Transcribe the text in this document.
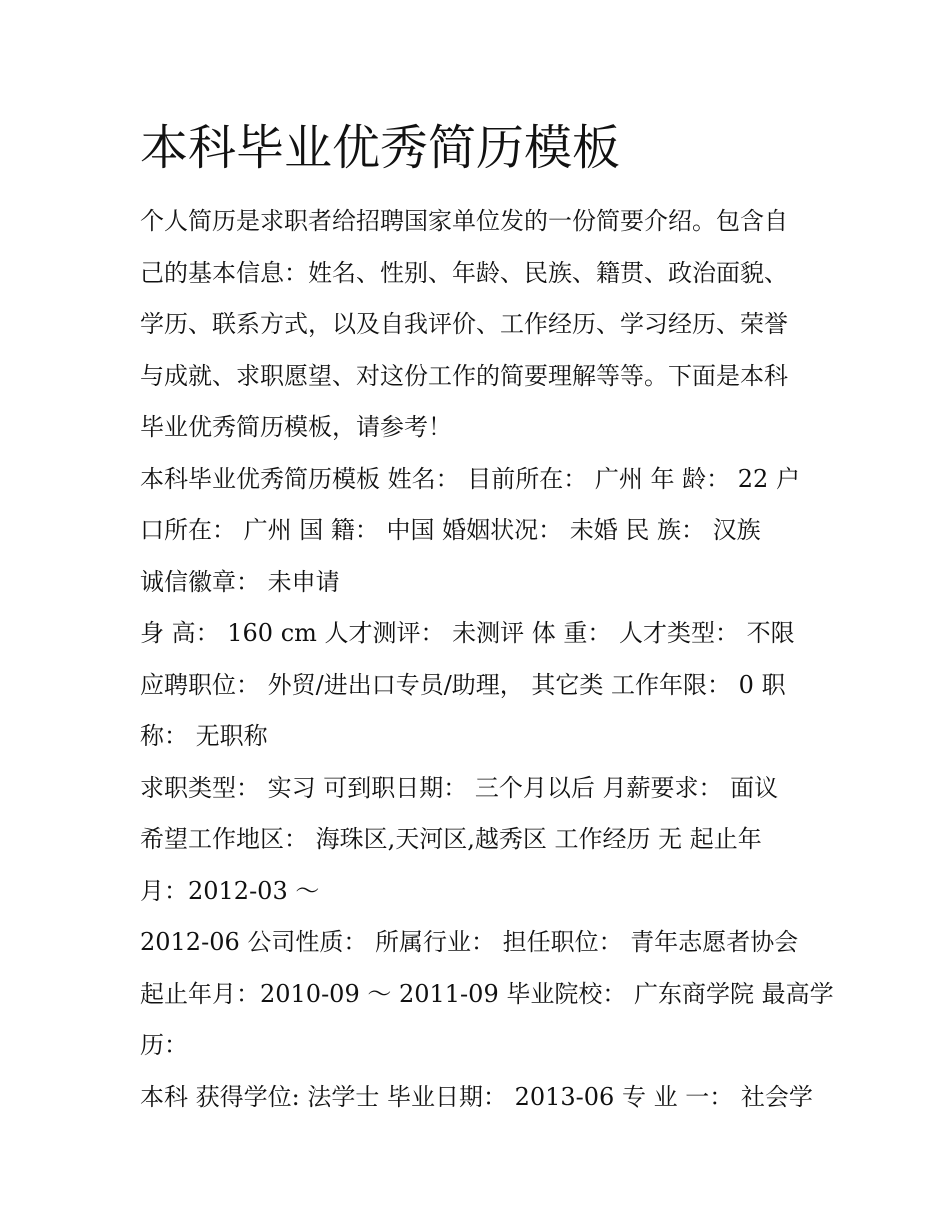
本科毕业优秀简历模板
个人简历是求职者给招聘国家单位发的一份简要介绍。包含自
己的基本信息：姓名、性别、年龄、民族、籍贯、政治面貌、
学历、联系方式，以及自我评价、工作经历、学习经历、荣誉
与成就、求职愿望、对这份工作的简要理解等等。下面是本科
毕业优秀简历模板，请参考！
本科毕业优秀简历模板 姓名： 目前所在： 广州 年 龄： 22 户
口所在： 广州 国 籍： 中国 婚姻状况： 未婚 民 族： 汉族
诚信徽章： 未申请
身 高： 160 cm 人才测评： 未测评 体 重： 人才类型： 不限
应聘职位： 外贸/进出口专员/助理， 其它类 工作年限： 0 职
称： 无职称
求职类型： 实习 可到职日期： 三个月以后 月薪要求： 面议
希望工作地区： 海珠区,天河区,越秀区 工作经历 无 起止年
月：2012-03 ～
2012-06 公司性质： 所属行业： 担任职位： 青年志愿者协会
起止年月：2010-09 ～ 2011-09 毕业院校： 广东商学院 最高学
历：
本科 获得学位: 法学士 毕业日期： 2013-06 专 业 一： 社会学
